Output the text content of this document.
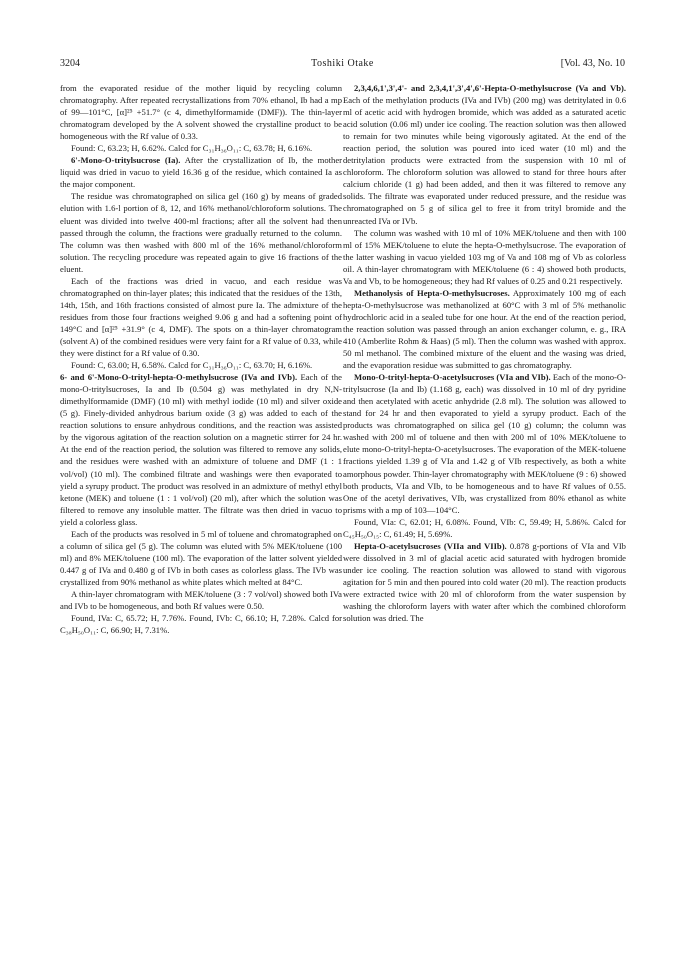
3204	Toshiki Otake	[Vol. 43, No. 10

from the evaporated residue of the mother liquid by recycling column chromatography. After repeated recrystallizations from 70% ethanol, Ib had a mp of 99—101°C, [α]²⁵ +51.7° (c 4, dimethylformamide (DMF)). The thin-layer chromatogram developed by the A solvent showed the crystalline product to be homogeneous with the Rf value of 0.33.

Found: C, 63.23; H, 6.62%. Calcd for C₃₁H₃₆O₁₁: C, 63.78; H, 6.16%.

6'-Mono-O-tritylsucrose (Ia). After the crystallization of Ib, the mother liquid was dried in vacuo to yield 16.36 g of the residue, which contained Ia as the major component.

The residue was chromatographed on silica gel (160 g) by means of graded elution with 1.6-l portion of 8, 12, and 16% methanol/chloroform solutions. The eluent was divided into twelve 400-ml fractions; after all the solvent had then passed through the column, the fractions were gradually returned to the column. The column was then washed with 800 ml of the 16% methanol/chloroform solution. The recycling procedure was repeated again to give 16 fractions of the eluent.

Each of the fractions was dried in vacuo, and each residue was chromatographed on thin-layer plates; this indicated that the residues of the 13th, 14th, 15th, and 16th fractions consisted of almost pure Ia. The admixture of the residues from those four fractions weighed 9.06 g and had a softening point of 149°C and [α]²⁵ +31.9° (c 4, DMF). The spots on a thin-layer chromatogram (solvent A) of the combined residues were very faint for a Rf value of 0.33, while they were distinct for a Rf value of 0.30.

Found: C, 63.00; H, 6.58%. Calcd for C₃₁H₃₆O₁₁: C, 63.70; H, 6.16%.

6- and 6'-Mono-O-trityl-hepta-O-methylsucrose (IVa and IVb). Each of the mono-O-tritylsucroses, Ia and Ib (0.504 g) was methylated in dry N,N-dimethylformamide (DMF) (10 ml) with methyl iodide (10 ml) and silver oxide (5 g). Finely-divided anhydrous barium oxide (3 g) was added to each of the reaction solutions to ensure anhydrous conditions, and the reaction was assisted by the vigorous agitation of the reaction solution on a magnetic stirrer for 24 hr. At the end of the reaction period, the solution was filtered to remove any solids, and the residues were washed with an admixture of toluene and DMF (1 : 1 vol/vol) (10 ml). The combined filtrate and washings were then evaporated to yield a syrupy product. The product was resolved in an admixture of methyl ethyl ketone (MEK) and toluene (1 : 1 vol/vol) (20 ml), after which the solution was filtered to remove any insoluble matter. The filtrate was then dried in vacuo to yield a colorless glass.

Each of the products was resolved in 5 ml of toluene and chromatographed on a column of silica gel (5 g). The column was eluted with 5% MEK/toluene (100 ml) and 8% MEK/toluene (100 ml). The evaporation of the latter solvent yielded 0.447 g of IVa and 0.480 g of IVb in both cases as colorless glass. The IVb was crystallized from 90% methanol as white plates which melted at 84°C.

A thin-layer chromatogram with MEK/toluene (3 : 7 vol/vol) showed both IVa and IVb to be homogeneous, and both Rf values were 0.50.

Found, IVa: C, 65.72; H, 7.76%. Found, IVb: C, 66.10; H, 7.28%. Calcd for C₃₈H₅₀O₁₁: C, 66.90; H, 7.31%.

2,3,4,6,1',3',4'- and 2,3,4,1',3',4',6'-Hepta-O-methylsucrose (Va and Vb). Each of the methylation products (IVa and IVb) (200 mg) was detritylated in 0.6 ml of acetic acid with hydrogen bromide, which was added as a saturated acetic acid solution (0.06 ml) under ice cooling. The reaction solution was then allowed to remain for two minutes while being vigorously agitated. At the end of the reaction period, the solution was poured into iced water (10 ml) and the detritylation products were extracted from the suspension with 10 ml of chloroform. The chloroform solution was allowed to stand for three hours after calcium chloride (1 g) had been added, and then it was filtered to remove any solids. The filtrate was evaporated under reduced pressure, and the residue was chromatographed on 5 g of silica gel to free it from trityl bromide and the unreacted IVa or IVb.

The column was washed with 10 ml of 10% MEK/toluene and then with 100 ml of 15% MEK/toluene to elute the hepta-O-methylsucrose. The evaporation of the latter washing in vacuo yielded 103 mg of Va and 108 mg of Vb as colorless oil. A thin-layer chromatogram with MEK/toluene (6 : 4) showed both products, Va and Vb, to be homogeneous; they had Rf values of 0.25 and 0.21 respectively.

Methanolysis of Hepta-O-methylsucroses. Approximately 100 mg of each hepta-O-methylsucrose was methanolized at 60°C with 3 ml of 5% methanolic hydrochloric acid in a sealed tube for one hour. At the end of the reaction period, the reaction solution was passed through an anion exchanger column, e. g., IRA 410 (Amberlite Rohm & Haas) (5 ml). Then the column was washed with approx. 50 ml methanol. The combined mixture of the eluent and the wasing was dried, and the evaporation residue was submitted to gas chromatography.

Mono-O-trityl-hepta-O-acetylsucroses (VIa and VIb). Each of the mono-O-tritylsucrose (Ia and Ib) (1.168 g, each) was dissolved in 10 ml of dry pyridine and then acetylated with acetic anhydride (2.8 ml). The solution was allowed to stand for 24 hr and then evaporated to yield a syrupy product. Each of the products was chromatographed on silica gel (10 g) column; the column was washed with 200 ml of toluene and then with 200 ml of 10% MEK/toluene to elute mono-O-trityl-hepta-O-acetylsucroses. The evaporation of the MEK-toluene fractions yielded 1.39 g of VIa and 1.42 g of VIb respectively, as both a white amorphous powder. Thin-layer chromatography with MEK/toluene (9 : 6) showed both products, VIa and VIb, to be homogeneous and to have Rf values of 0.55. One of the acetyl derivatives, VIb, was crystallized from 80% ethanol as white prisms with a mp of 103—104°C.

Found, VIa: C, 62.01; H, 6.08%. Found, VIb: C, 59.49; H, 5.86%. Calcd for C₄₅H₅₀O₁₅: C, 61.49; H, 5.69%.

Hepta-O-acetylsucroses (VIIa and VIIb). 0.878 g-portions of VIa and VIb were dissolved in 3 ml of glacial acetic acid saturated with hydrogen bromide under ice cooling. The reaction solution was allowed to stand with vigorous agitation for 5 min and then poured into cold water (20 ml). The reaction products were extracted twice with 20 ml of chloroform from the water suspension by washing the chloroform layers with water after which the combined chloroform solution was dried. The
